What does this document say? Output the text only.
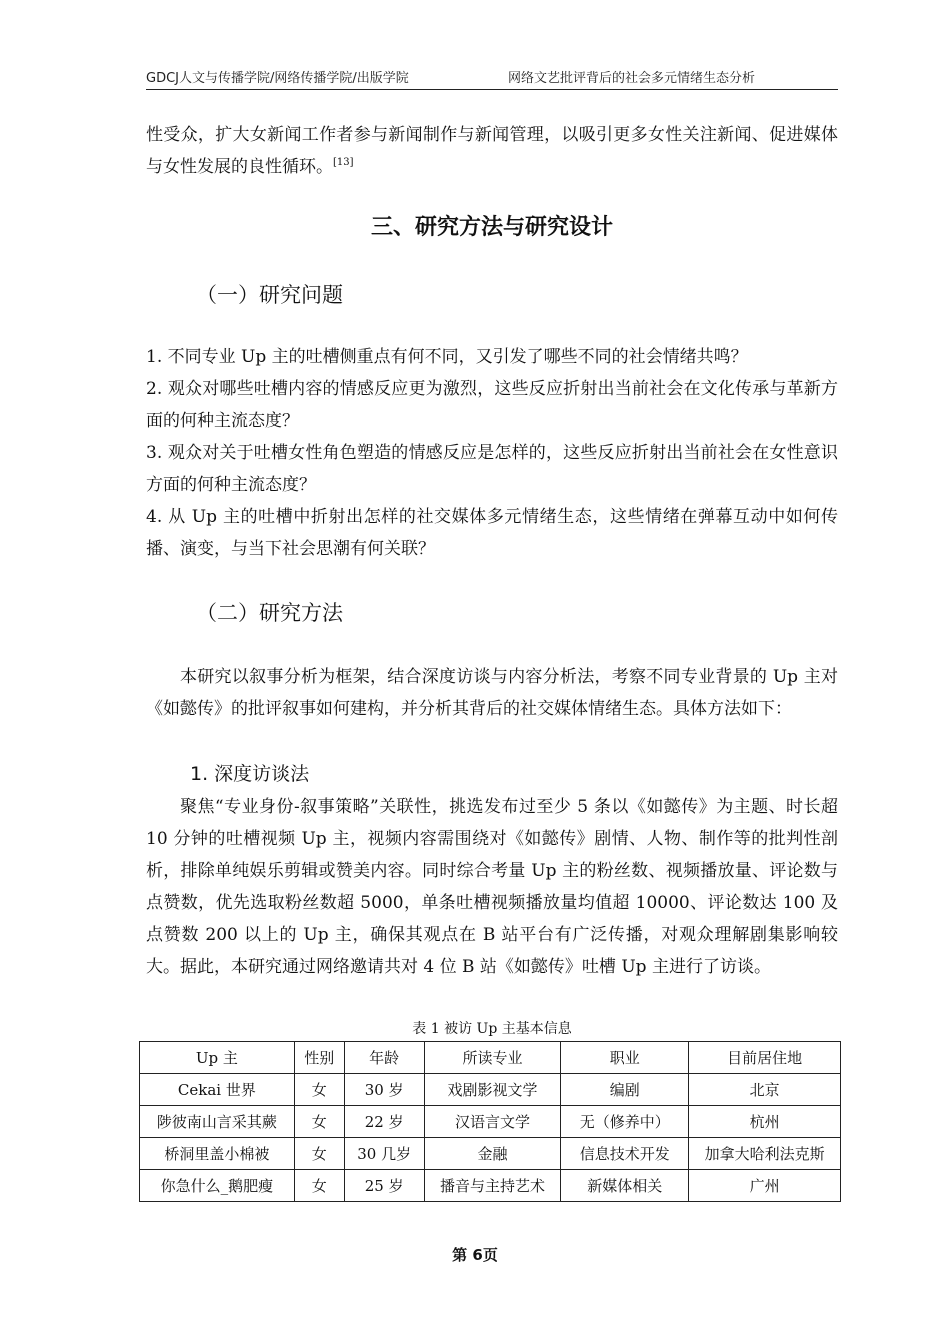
GDCJ人文与传播学院/网络传播学院/出版学院	网络文艺批评背后的社会多元情绪生态分析
性受众，扩大女新闻工作者参与新闻制作与新闻管理，以吸引更多女性关注新闻、促进媒体与女性发展的良性循环。[13]
三、研究方法与研究设计
（一）研究问题
1. 不同专业 Up 主的吐槽侧重点有何不同，又引发了哪些不同的社会情绪共鸣？
2. 观众对哪些吐槽内容的情感反应更为激烈，这些反应折射出当前社会在文化传承与革新方面的何种主流态度？
3. 观众对关于吐槽女性角色塑造的情感反应是怎样的，这些反应折射出当前社会在女性意识方面的何种主流态度？
4. 从 Up 主的吐槽中折射出怎样的社交媒体多元情绪生态，这些情绪在弹幕互动中如何传播、演变，与当下社会思潮有何关联？
（二）研究方法
本研究以叙事分析为框架，结合深度访谈与内容分析法，考察不同专业背景的 Up 主对《如懿传》的批评叙事如何建构，并分析其背后的社交媒体情绪生态。具体方法如下：
1. 深度访谈法
聚焦“专业身份-叙事策略”关联性，挑选发布过至少 5 条以《如懿传》为主题、时长超 10 分钟的吐槽视频 Up 主，视频内容需围绕对《如懿传》剧情、人物、制作等的批判性剖析，排除单纯娱乐剪辑或赞美内容。同时综合考量 Up 主的粉丝数、视频播放量、评论数与点赞数，优先选取粉丝数超 5000，单条吐槽视频播放量均值超 10000、评论数达 100 及点赞数 200 以上的 Up 主，确保其观点在 B 站平台有广泛传播，对观众理解剧集影响较大。据此，本研究通过网络邀请共对 4 位 B 站《如懿传》吐槽 Up 主进行了访谈。
表 1 被访 Up 主基本信息
Up 主	性别	年龄	所读专业	职业	目前居住地
Cekai 世界	女	30 岁	戏剧影视文学	编剧	北京
陟彼南山言采其蕨	女	22 岁	汉语言文学	无（修养中）	杭州
桥洞里盖小棉被	女	30 几岁	金融	信息技术开发	加拿大哈利法克斯
你急什么_鹅肥瘦	女	25 岁	播音与主持艺术	新媒体相关	广州
第 6页
